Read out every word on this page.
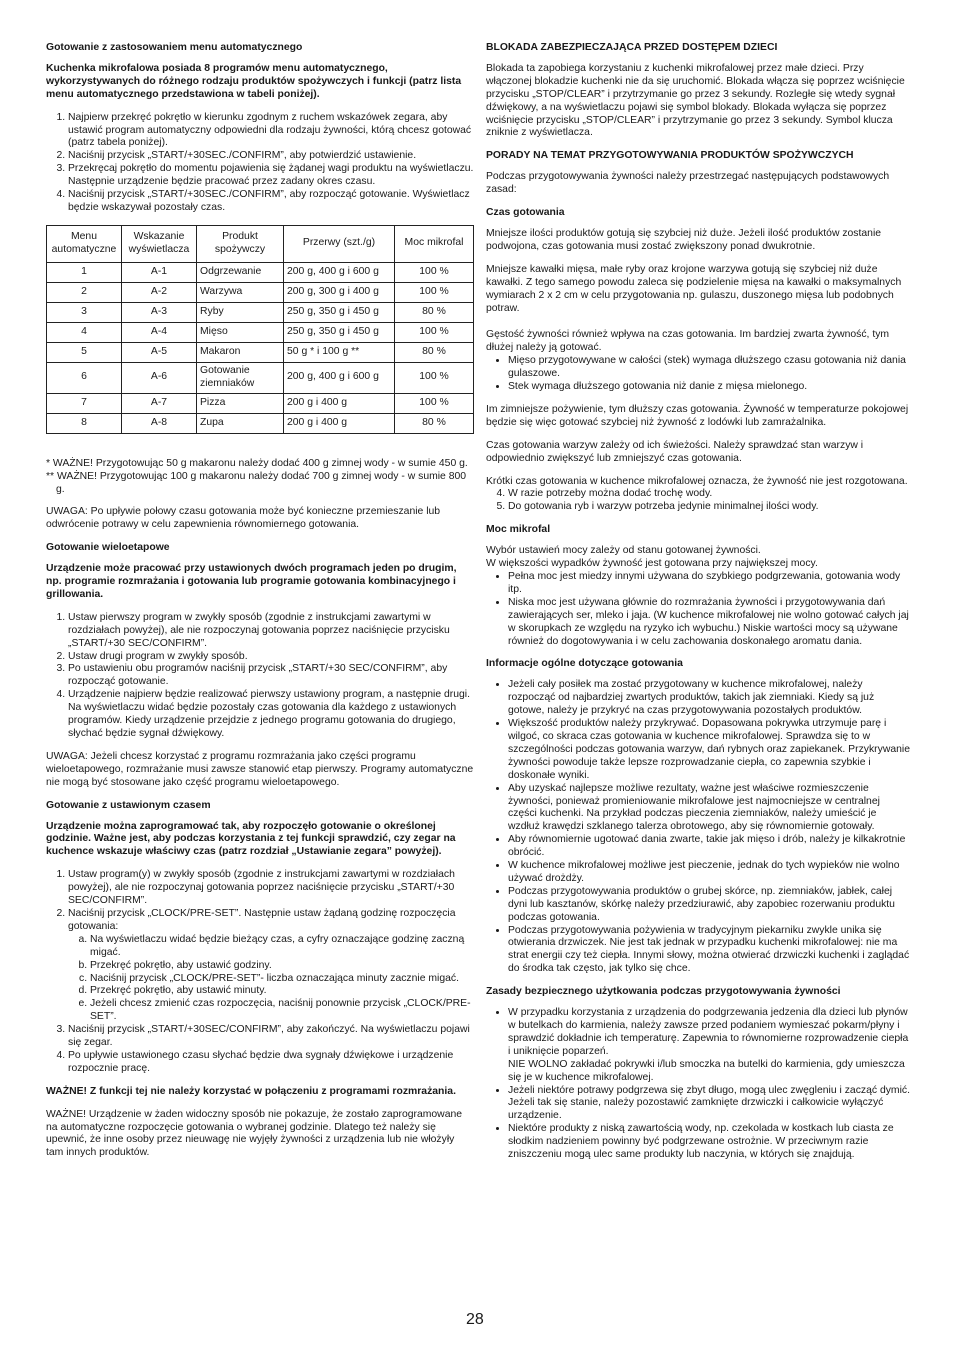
Gotowanie z zastosowaniem menu automatycznego

Kuchenka mikrofalowa posiada 8 programów menu automatycznego, wykorzystywanych do różnego rodzaju produktów spożywczych i funkcji (patrz lista menu automatycznego przedstawiona w tabeli poniżej).

1. Najpierw przekręć pokrętło w kierunku zgodnym z ruchem wskazówek zegara, aby ustawić program automatyczny odpowiedni dla rodzaju żywności, którą chcesz gotować (patrz tabela poniżej).
2. Naciśnij przycisk „START/+30SEC./CONFIRM”, aby potwierdzić ustawienie.
3. Przekręcaj pokrętło do momentu pojawienia się żądanej wagi produktu na wyświetlaczu. Następnie urządzenie będzie pracować przez zadany okres czasu.
4. Naciśnij przycisk „START/+30SEC./CONFIRM”, aby rozpocząć gotowanie. Wyświetlacz będzie wskazywał pozostały czas.
Menu automatyczne	Wskazanie wyświetlacza	Produkt spożywczy	Przerwy (szt./g)	Moc mikrofal
1	A-1	Odgrzewanie	200 g, 400 g i 600 g	100 %
2	A-2	Warzywa	200 g, 300 g i 400 g	100 %
3	A-3	Ryby	250 g, 350 g i 450 g	80 %
4	A-4	Mięso	250 g, 350 g i 450 g	100 %
5	A-5	Makaron	50 g * i 100 g **	80 %
6	A-6	Gotowanie ziemniaków	200 g, 400 g i 600 g	100 %
7	A-7	Pizza	200 g i 400 g	100 %
8	A-8	Zupa	200 g i 400 g	80 %
* WAŻNE! Przygotowując 50 g makaronu należy dodać 400 g zimnej wody - w sumie 450 g.

** WAŻNE! Przygotowując 100 g makaronu należy dodać 700 g zimnej wody - w sumie 800 g.

UWAGA: Po upływie połowy czasu gotowania może być konieczne przemieszanie lub odwrócenie potrawy w celu zapewnienia równomiernego gotowania.

Gotowanie wieloetapowe

Urządzenie może pracować przy ustawionych dwóch programach jeden po drugim, np. programie rozmrażania i gotowania lub programie gotowania kombinacyjnego i grillowania.

1. Ustaw pierwszy program w zwykły sposób (zgodnie z instrukcjami zawartymi w rozdziałach powyżej), ale nie rozpoczynaj gotowania poprzez naciśnięcie przycisku „START/+30 SEC/CONFIRM”.
2. Ustaw drugi program w zwykły sposób.
3. Po ustawieniu obu programów naciśnij przycisk „START/+30 SEC/CONFIRM”, aby rozpocząć gotowanie.
4. Urządzenie najpierw będzie realizować pierwszy ustawiony program, a następnie drugi. Na wyświetlaczu widać będzie pozostały czas gotowania dla każdego z ustawionych programów. Kiedy urządzenie przejdzie z jednego programu gotowania do drugiego, słychać będzie sygnał dźwiękowy.

UWAGA: Jeżeli chcesz korzystać z programu rozmrażania jako części programu wieloetapowego, rozmrażanie musi zawsze stanowić etap pierwszy. Programy automatyczne nie mogą być stosowane jako część programu wieloetapowego.

Gotowanie z ustawionym czasem

Urządzenie można zaprogramować tak, aby rozpoczęło gotowanie o określonej godzinie. Ważne jest, aby podczas korzystania z tej funkcji sprawdzić, czy zegar na kuchence wskazuje właściwy czas (patrz rozdział „Ustawianie zegara” powyżej).

1. Ustaw program(y) w zwykły sposób (zgodnie z instrukcjami zawartymi w rozdziałach powyżej), ale nie rozpoczynaj gotowania poprzez naciśnięcie przycisku „START/+30 SEC/CONFIRM”.
2. Naciśnij przycisk „CLOCK/PRE-SET”. Następnie ustaw żądaną godzinę rozpoczęcia gotowania:
a. Na wyświetlaczu widać będzie bieżący czas, a cyfry oznaczające godzinę zaczną migać.
b. Przekręć pokrętło, aby ustawić godziny.
c. Naciśnij przycisk „CLOCK/PRE-SET”- liczba oznaczająca minuty zacznie migać.
d. Przekręć pokrętło, aby ustawić minuty.
e. Jeżeli chcesz zmienić czas rozpoczęcia, naciśnij ponownie przycisk „CLOCK/PRE-SET”.
3. Naciśnij przycisk „START/+30SEC/CONFIRM”, aby zakończyć. Na wyświetlaczu pojawi się zegar.
4. Po upływie ustawionego czasu słychać będzie dwa sygnały dźwiękowe i urządzenie rozpocznie pracę.

WAŻNE! Z funkcji tej nie należy korzystać w połączeniu z programami rozmrażania.

WAŻNE! Urządzenie w żaden widoczny sposób nie pokazuje, że zostało zaprogramowane na automatyczne rozpoczęcie gotowania o wybranej godzinie. Dlatego też należy się upewnić, że inne osoby przez nieuwagę nie wyjęły żywności z urządzenia lub nie włożyły tam innych produktów.

BLOKADA ZABEZPIECZAJĄCA PRZED DOSTĘPEM DZIECI

Blokada ta zapobiega korzystaniu z kuchenki mikrofalowej przez małe dzieci. Przy włączonej blokadzie kuchenki nie da się uruchomić. Blokada włącza się poprzez wciśnięcie przycisku „STOP/CLEAR” i przytrzymanie go przez 3 sekundy. Rozległe się wtedy sygnał dźwiękowy, a na wyświetlaczu pojawi się symbol blokady. Blokada wyłącza się poprzez wciśnięcie przycisku „STOP/CLEAR” i przytrzymanie go przez 3 sekundy. Symbol klucza zniknie z wyświetlacza.

PORADY NA TEMAT PRZYGOTOWYWANIA PRODUKTÓW SPOŻYWCZYCH

Podczas przygotowywania żywności należy przestrzegać następujących podstawowych zasad:

Czas gotowania

Mniejsze ilości produktów gotują się szybciej niż duże. Jeżeli ilość produktów zostanie podwojona, czas gotowania musi zostać zwiększony ponad dwukrotnie.

Mniejsze kawałki mięsa, małe ryby oraz krojone warzywa gotują się szybciej niż duże kawałki. Z tego samego powodu zaleca się podzielenie mięsa na kawałki o maksymalnych wymiarach 2 x 2 cm w celu przygotowania np. gulaszu, duszonego mięsa lub podobnych potraw.

Gęstość żywności również wpływa na czas gotowania. Im bardziej zwarta żywność, tym dłużej należy ją gotować.

• Mięso przygotowywane w całości (stek) wymaga dłuższego czasu gotowania niż dania gulaszowe.
• Stek wymaga dłuższego gotowania niż danie z mięsa mielonego.

Im zimniejsze pożywienie, tym dłuższy czas gotowania. Żywność w temperaturze pokojowej będzie się więc gotować szybciej niż żywność z lodówki lub zamrażalnika.

Czas gotowania warzyw zależy od ich świeżości. Należy sprawdzać stan warzyw i odpowiednio zwiększyć lub zmniejszyć czas gotowania.

Krótki czas gotowania w kuchence mikrofalowej oznacza, że żywność nie jest rozgotowana.

4. W razie potrzeby można dodać trochę wody.
5. Do gotowania ryb i warzyw potrzeba jedynie minimalnej ilości wody.
Moc mikrofal
Wybór ustawień mocy zależy od stanu gotowanej żywności.
W większości wypadków żywność jest gotowana przy największej mocy.
• Pełna moc jest miedzy innymi używana do szybkiego podgrzewania, gotowania wody itp.
• Niska moc jest używana głównie do rozmrażania żywności i przygotowywania dań zawierających ser, mleko i jaja. (W kuchence mikrofalowej nie wolno gotować całych jaj w skorupkach ze względu na ryzyko ich wybuchu.) Niskie wartości mocy są używane również do dogotowywania i w celu zachowania doskonałego aromatu dania.
Informacje ogólne dotyczące gotowania
• Jeżeli cały posiłek ma zostać przygotowany w kuchence mikrofalowej, należy rozpocząć od najbardziej zwartych produktów, takich jak ziemniaki. Kiedy są już gotowe, należy je przykryć na czas przygotowywania pozostałych produktów.
• Większość produktów należy przykrywać. Dopasowana pokrywka utrzymuje parę i wilgoć, co skraca czas gotowania w kuchence mikrofalowej. Sprawdza się to w szczególności podczas gotowania warzyw, dań rybnych oraz zapiekanek. Przykrywanie żywności powoduje także lepsze rozprowadzanie ciepła, co zapewnia szybkie i doskonałe wyniki.
• Aby uzyskać najlepsze możliwe rezultaty, ważne jest właściwe rozmieszczenie żywności, ponieważ promieniowanie mikrofalowe jest najmocniejsze w centralnej części kuchenki. Na przykład podczas pieczenia ziemniaków, należy umieścić je wzdłuż krawędzi szklanego talerza obrotowego, aby się równomiernie gotowały.
• Aby równomiernie ugotować dania zwarte, takie jak mięso i drób, należy je kilkakrotnie obrócić.
• W kuchence mikrofalowej możliwe jest pieczenie, jednak do tych wypieków nie wolno używać drożdży.
• Podczas przygotowywania produktów o grubej skórce, np. ziemniaków, jabłek, całej dyni lub kasztanów, skórkę należy przedziurawić, aby zapobiec rozerwaniu produktu podczas gotowania.
• Podczas przygotowywania pożywienia w tradycyjnym piekarniku zwykle unika się otwierania drzwiczek. Nie jest tak jednak w przypadku kuchenki mikrofalowej: nie ma strat energii czy też ciepła. Innymi słowy, można otwierać drzwiczki kuchenki i zaglądać do środka tak często, jak tylko się chce.
Zasady bezpiecznego użytkowania podczas przygotowywania żywności
• W przypadku korzystania z urządzenia do podgrzewania jedzenia dla dzieci lub płynów w butelkach do karmienia, należy zawsze przed podaniem wymieszać pokarm/płyny i sprawdzić dokładnie ich temperaturę. Zapewnia to równomierne rozprowadzenie ciepła i uniknięcie poparzeń.
NIE WOLNO zakładać pokrywki i/lub smoczka na butelki do karmienia, gdy umieszcza się je w kuchence mikrofalowej.
• Jeżeli niektóre potrawy podgrzewa się zbyt długo, mogą ulec zwęgleniu i zacząć dymić. Jeżeli tak się stanie, należy pozostawić zamknięte drzwiczki i całkowicie wyłączyć urządzenie.
• Niektóre produkty z niską zawartością wody, np. czekolada w kostkach lub ciasta ze słodkim nadzieniem powinny być podgrzewane ostrożnie. W przeciwnym razie zniszczeniu mogą ulec same produkty lub naczynia, w których się znajdują.
28
